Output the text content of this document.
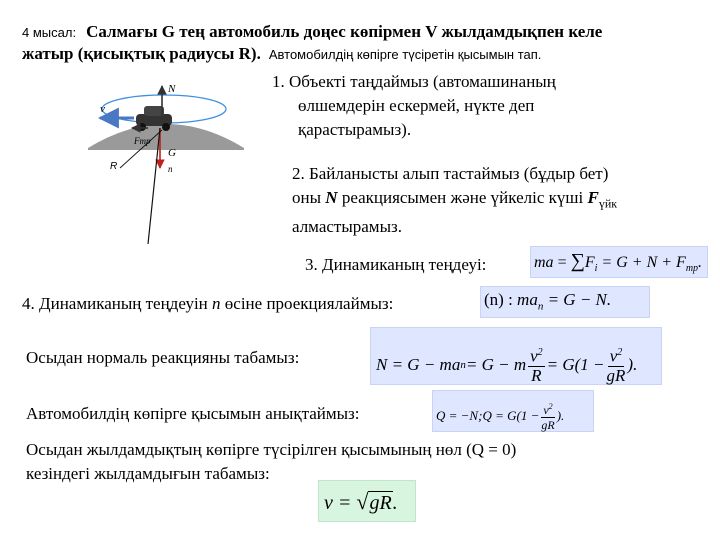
4 мысал: Салмағы G тең автомобиль доңес көпірмен V жылдамдықпен келе
жатыр (қисықтық радиусы R). Автомобилдің көпірге түсіретін қысымын тап.
N
v
Fтр
G
n
R
1. Объекті таңдаймыз (автомашинаның
өлшемдерін ескермей, нүкте деп
қарастырамыз).
2. Байланысты алып тастаймыз (бұдыр бет)
оны N реакциясымен және үйкеліс күші $F_{үйк}$
алмастырамыз.
3. Динамиканың теңдеуі:	ma = $\sum F_i = G + N + F_{тр}$.
4. Динамиканың теңдеуін n өсіне проекциялаймыз:	(n) : $ma_n = G - N$.
N = G − ma n = G − m $\frac{v^2}{R} = G(1 - \frac{v^2}{gR}$ ).
Осыдан нормаль реакцияны табамыз:
Автомобилдің көпірге қысымын анықтаймыз:	Q = −N; $Q = G(1 - \frac{v^2}{gR}$ ).
Осыдан жылдамдықтың көпірге түсірілген қысымының нөл (Q = 0)
кезіндегі жылдамдығын табамыз:
v = √gR.
